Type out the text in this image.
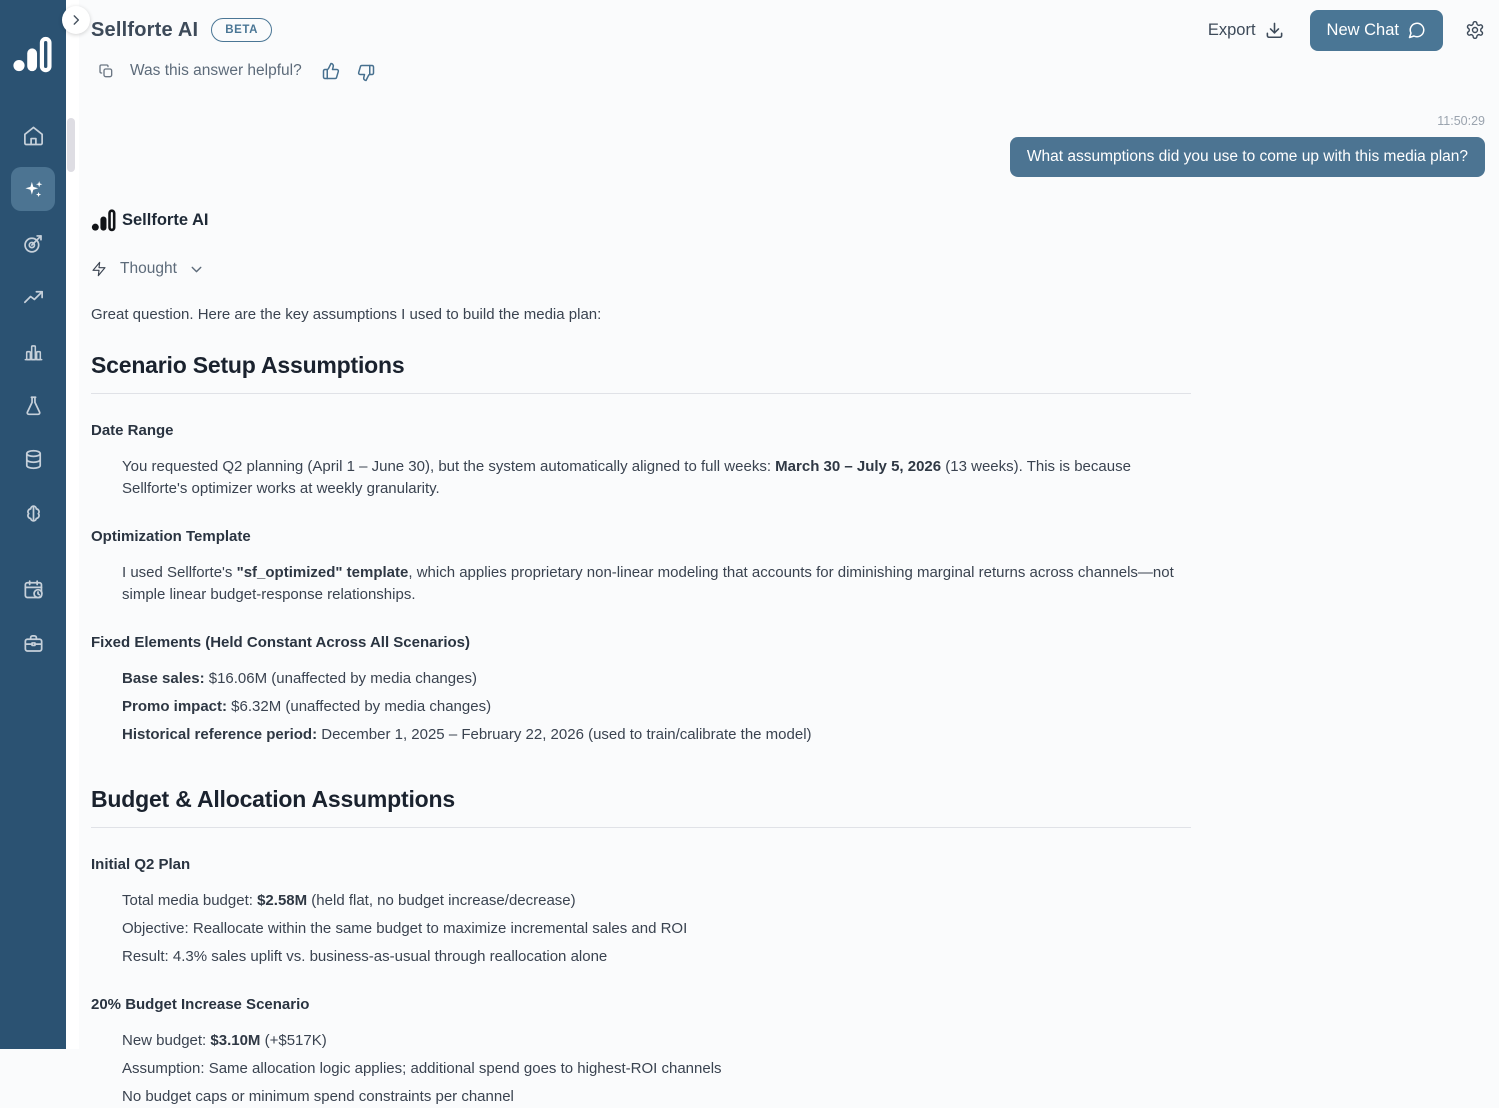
Sellforte AI	BETA	Export	New Chat
Was this answer helpful?
11:50:29
What assumptions did you use to come up with this media plan?
Sellforte AI
Thought

Great question. Here are the key assumptions I used to build the media plan:

Scenario Setup Assumptions
Date Range

You requested Q2 planning (April 1 – June 30), but the system automatically aligned to full weeks: March 30 – July 5, 2026 (13 weeks). This is because Sellforte's optimizer works at weekly granularity.

Optimization Template

I used Sellforte's "sf_optimized" template, which applies proprietary non-linear modeling that accounts for diminishing marginal returns across channels—not simple linear budget-response relationships.

Fixed Elements (Held Constant Across All Scenarios)

Base sales: $16.06M (unaffected by media changes)

Promo impact: $6.32M (unaffected by media changes)

Historical reference period: December 1, 2025 – February 22, 2026 (used to train/calibrate the model)

Budget & Allocation Assumptions
Initial Q2 Plan

Total media budget: $2.58M (held flat, no budget increase/decrease)

Objective: Reallocate within the same budget to maximize incremental sales and ROI

Result: 4.3% sales uplift vs. business-as-usual through reallocation alone

20% Budget Increase Scenario

New budget: $3.10M (+$517K)

Assumption: Same allocation logic applies; additional spend goes to highest-ROI channels

No budget caps or minimum spend constraints per channel
